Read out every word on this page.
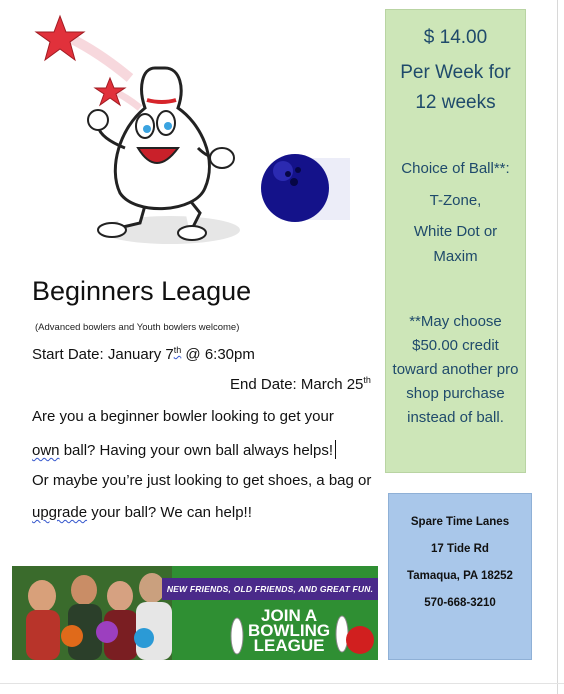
Beginners League
(Advanced bowlers and Youth bowlers welcome)
Start Date: January 7th @ 6:30pm
End Date: March 25th
Are you a beginner bowler looking to get your
own ball? Having your own ball always helps!
Or maybe you’re just looking to get shoes, a bag or
upgrade your ball? We can help!!
$ 14.00
Per Week for
12 weeks
Choice of Ball**:
T-Zone,
White Dot or
Maxim
**May choose $50.00 credit toward another pro shop purchase instead of ball.
Spare Time Lanes
17 Tide Rd
Tamaqua, PA 18252
570-668-3210
NEW FRIENDS, OLD FRIENDS, AND GREAT FUN.
JOIN A
BOWLING
LEAGUE
